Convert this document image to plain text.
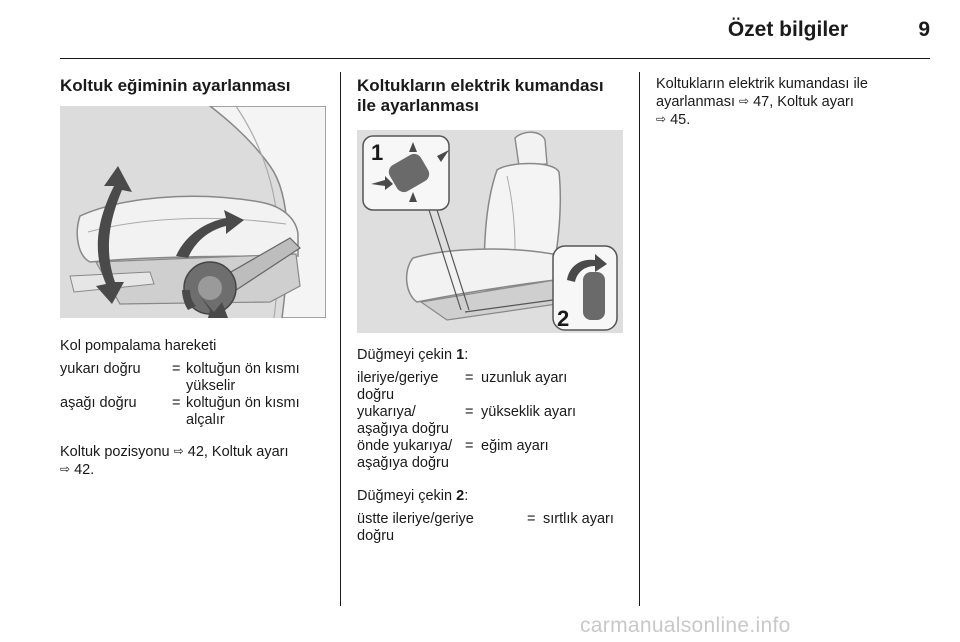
Özet bilgiler	9
Koltuk eğiminin ayarlanması

Kol pompalama hareketi

yukarı doğru	= koltuğun ön kısmı
yükselir
aşağı doğru	= koltuğun ön kısmı
alçalır

Koltuk pozisyonu ⇨ 42, Koltuk ayarı
⇨ 42.

Koltukların elektrik kumandası
ile ayarlanması
1
2

Düğmeyi çekin 1:

ileriye/geriye
doğru
= uzunluk ayarı
yukarıya/
aşağıya doğru
= yükseklik ayarı
önde yukarıya/
aşağıya doğru
= eğim ayarı

Düğmeyi çekin 2:

üstte ileriye/geriye
doğru
= sırtlık ayarı

Koltukların elektrik kumandası ile
ayarlanması ⇨ 47, Koltuk ayarı
⇨ 45.

carmanualsonline.info
